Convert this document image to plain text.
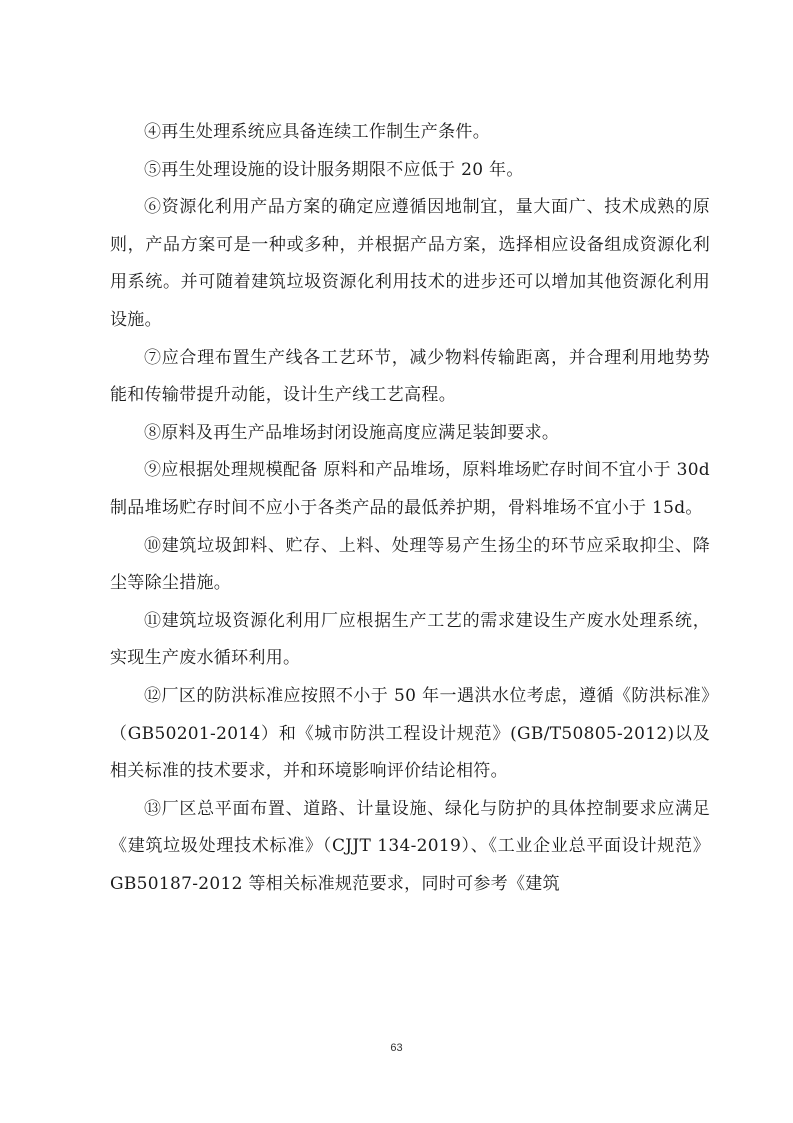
④再生处理系统应具备连续工作制生产条件。

⑤再生处理设施的设计服务期限不应低于 20 年。

⑥资源化利用产品方案的确定应遵循因地制宜，量大面广、技术成熟的原则，产品方案可是一种或多种，并根据产品方案，选择相应设备组成资源化利用系统。并可随着建筑垃圾资源化利用技术的进步还可以增加其他资源化利用设施。

⑦应合理布置生产线各工艺环节，减少物料传输距离，并合理利用地势势能和传输带提升动能，设计生产线工艺高程。

⑧原料及再生产品堆场封闭设施高度应满足装卸要求。

⑨应根据处理规模配备 原料和产品堆场，原料堆场贮存时间不宜小于 30d 制品堆场贮存时间不应小于各类产品的最低养护期，骨料堆场不宜小于 15d。

⑩建筑垃圾卸料、贮存、上料、处理等易产生扬尘的环节应采取抑尘、降尘等除尘措施。

⑪建筑垃圾资源化利用厂应根据生产工艺的需求建设生产废水处理系统，实现生产废水循环利用。

⑫厂区的防洪标准应按照不小于 50 年一遇洪水位考虑，遵循《防洪标准》（GB50201-2014）和《城市防洪工程设计规范》(GB/T50805-2012)以及相关标准的技术要求，并和环境影响评价结论相符。

⑬厂区总平面布置、道路、计量设施、绿化与防护的具体控制要求应满足《建筑垃圾处理技术标准》（CJJT 134-2019）、《工业企业总平面设计规范》GB50187-2012 等相关标准规范要求，同时可参考《建筑

63
